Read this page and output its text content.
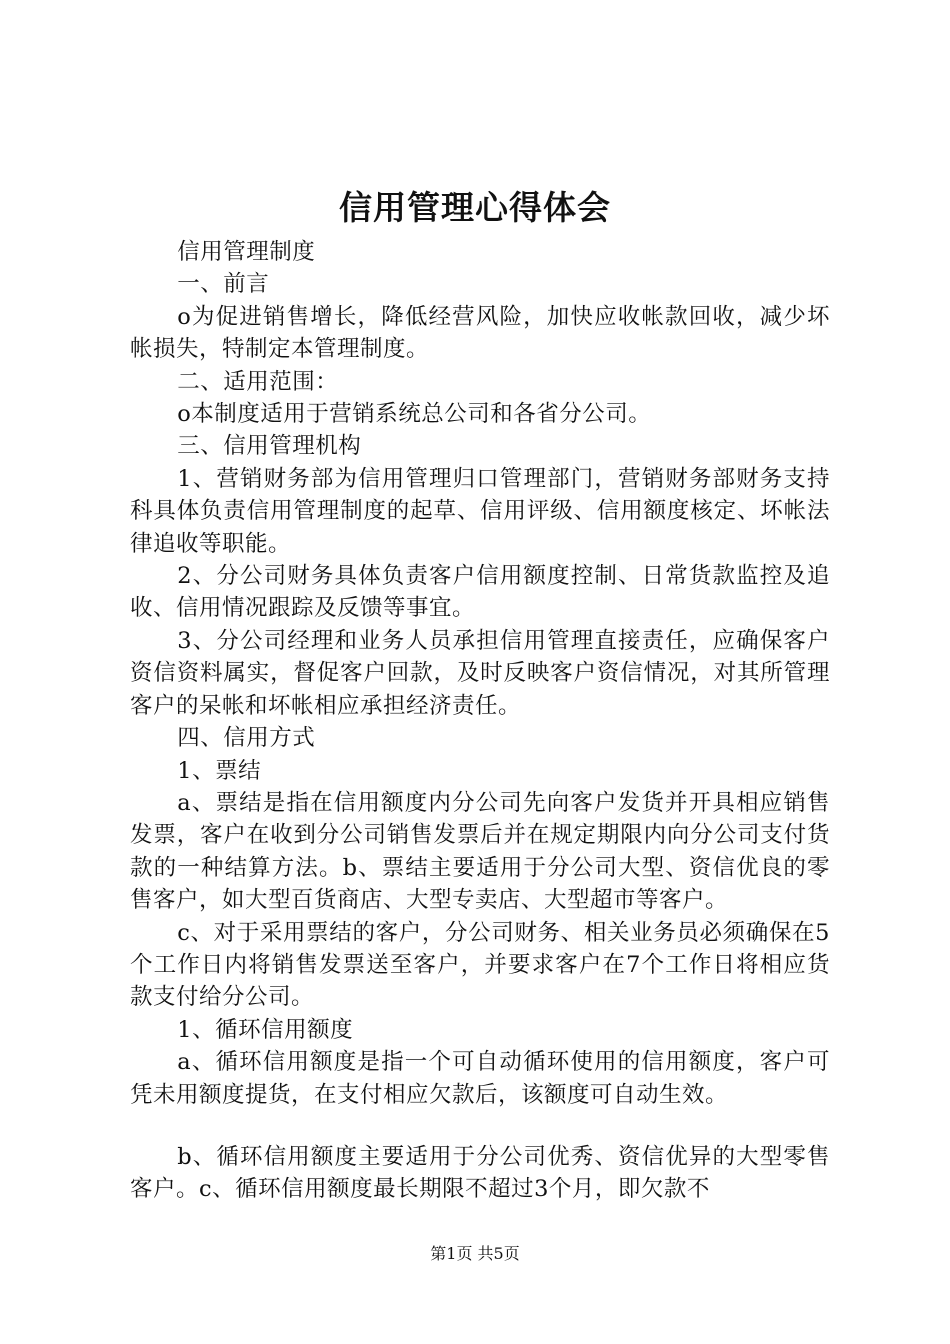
信用管理心得体会

信用管理制度

一、前言

o为促进销售增长，降低经营风险，加快应收帐款回收，减少坏帐损失，特制定本管理制度。

二、适用范围：

o本制度适用于营销系统总公司和各省分公司。

三、信用管理机构

1、营销财务部为信用管理归口管理部门，营销财务部财务支持科具体负责信用管理制度的起草、信用评级、信用额度核定、坏帐法律追收等职能。

2、分公司财务具体负责客户信用额度控制、日常货款监控及追收、信用情况跟踪及反馈等事宜。

3、分公司经理和业务人员承担信用管理直接责任，应确保客户资信资料属实，督促客户回款，及时反映客户资信情况，对其所管理客户的呆帐和坏帐相应承担经济责任。

四、信用方式

1、票结

a、票结是指在信用额度内分公司先向客户发货并开具相应销售发票，客户在收到分公司销售发票后并在规定期限内向分公司支付货款的一种结算方法。b、票结主要适用于分公司大型、资信优良的零售客户，如大型百货商店、大型专卖店、大型超市等客户。

c、对于采用票结的客户，分公司财务、相关业务员必须确保在5个工作日内将销售发票送至客户，并要求客户在7个工作日将相应货款支付给分公司。

1、循环信用额度

a、循环信用额度是指一个可自动循环使用的信用额度，客户可凭未用额度提货，在支付相应欠款后，该额度可自动生效。

b、循环信用额度主要适用于分公司优秀、资信优异的大型零售客户。c、循环信用额度最长期限不超过3个月，即欠款不

第1页 共5页
